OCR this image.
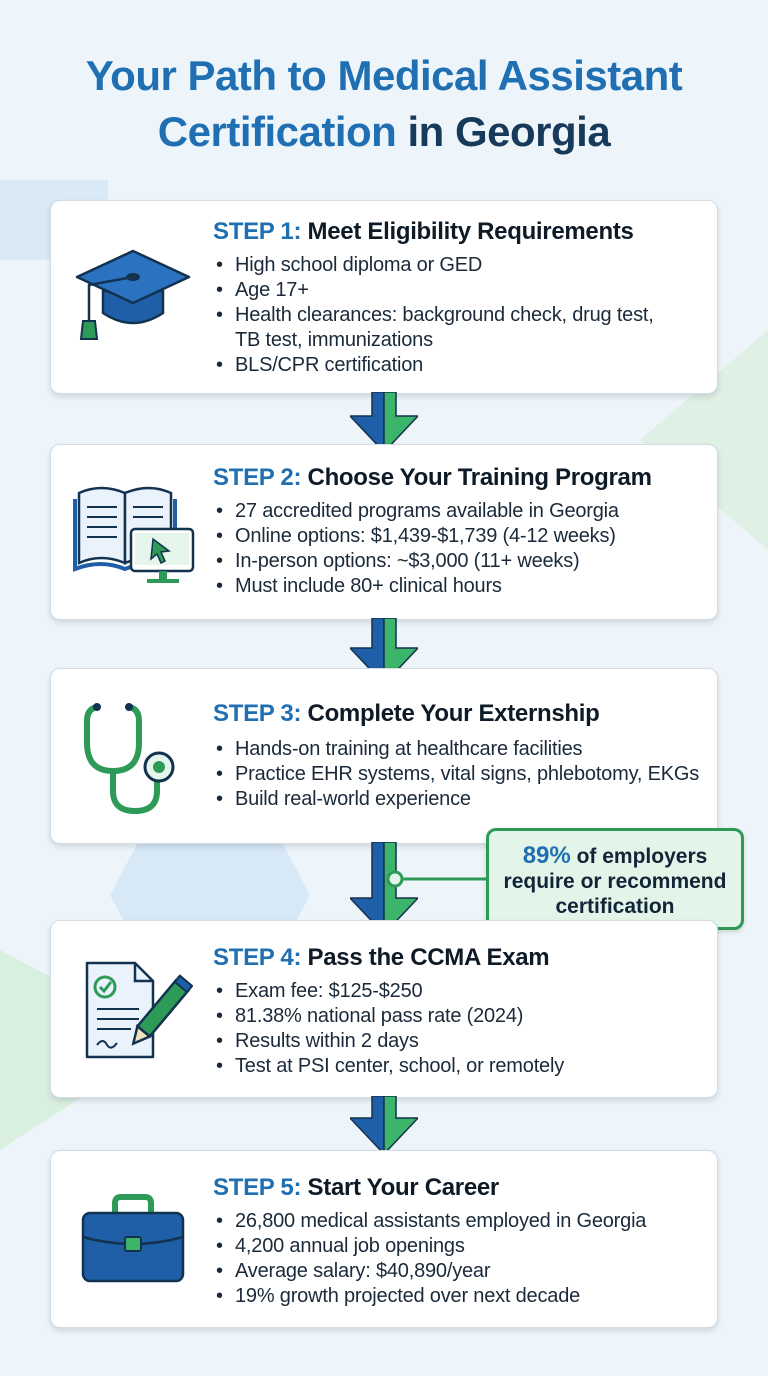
Your Path to Medical Assistant
Certification in Georgia
STEP 1: Meet Eligibility Requirements
• High school diploma or GED
• Age 17+
• Health clearances: background check, drug test,
TB test, immunizations
• BLS/CPR certification
STEP 2: Choose Your Training Program
• 27 accredited programs available in Georgia
• Online options: $1,439-$1,739 (4-12 weeks)
• In-person options: ~$3,000 (11+ weeks)
• Must include 80+ clinical hours
STEP 3: Complete Your Externship
• Hands-on training at healthcare facilities
• Practice EHR systems, vital signs, phlebotomy, EKGs
• Build real-world experience
89% of employers
require or recommend
certification
STEP 4: Pass the CCMA Exam
• Exam fee: $125-$250
• 81.38% national pass rate (2024)
• Results within 2 days
• Test at PSI center, school, or remotely
STEP 5: Start Your Career
• 26,800 medical assistants employed in Georgia
• 4,200 annual job openings
• Average salary: $40,890/year
• 19% growth projected over next decade
